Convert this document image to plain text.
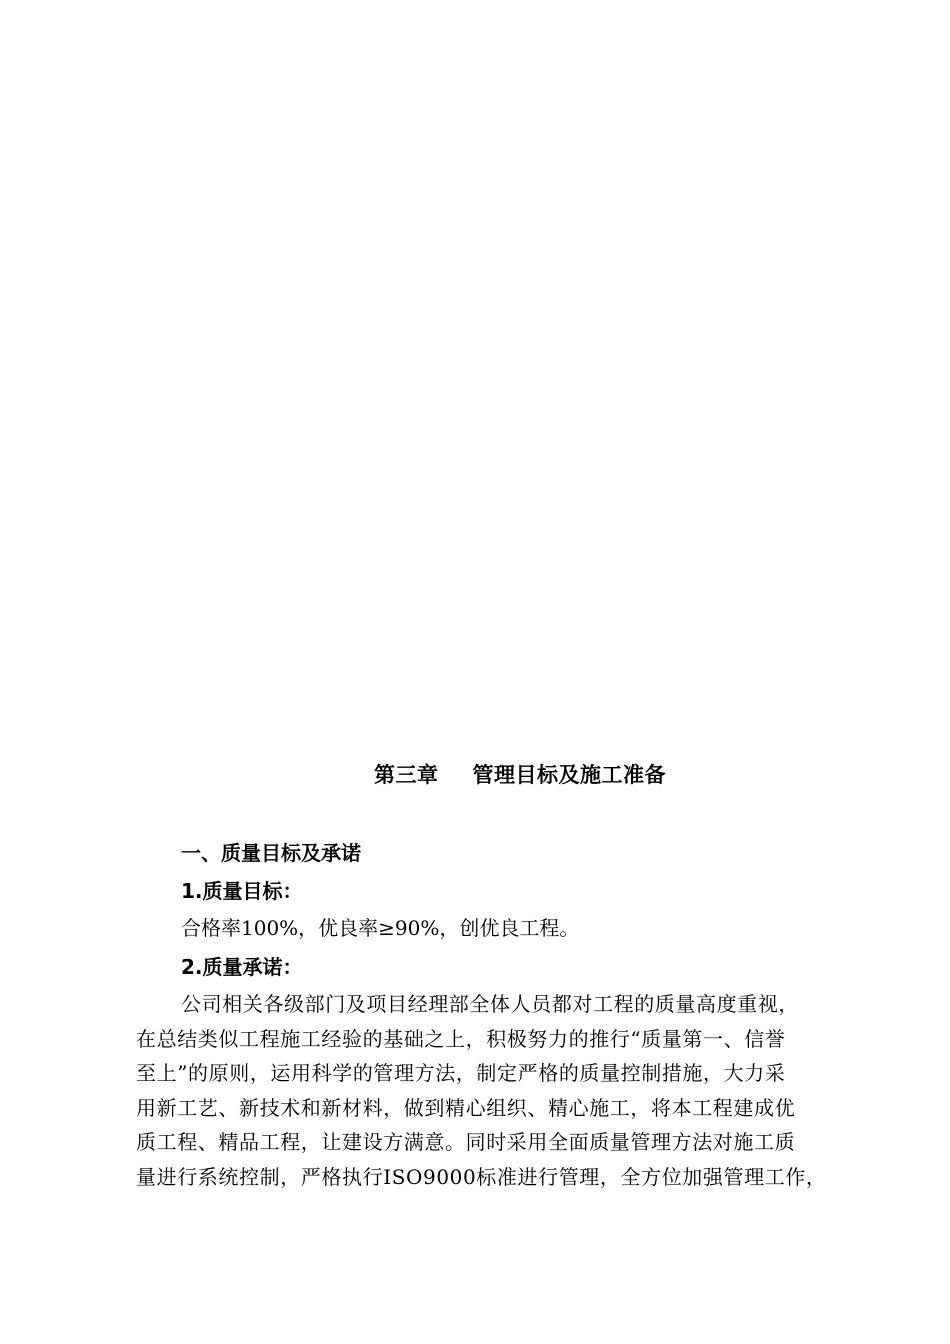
第三章 管理目标及施工准备
一、质量目标及承诺
1.质量目标：
合格率100%，优良率≥90%，创优良工程。
2.质量承诺：
公司相关各级部门及项目经理部全体人员都对工程的质量高度重视，
在总结类似工程施工经验的基础之上，积极努力的推行“质量第一、信誉
至上”的原则，运用科学的管理方法，制定严格的质量控制措施，大力采
用新工艺、新技术和新材料，做到精心组织、精心施工，将本工程建成优
质工程、精品工程，让建设方满意。同时采用全面质量管理方法对施工质
量进行系统控制，严格执行ISO9000标准进行管理，全方位加强管理工作，
